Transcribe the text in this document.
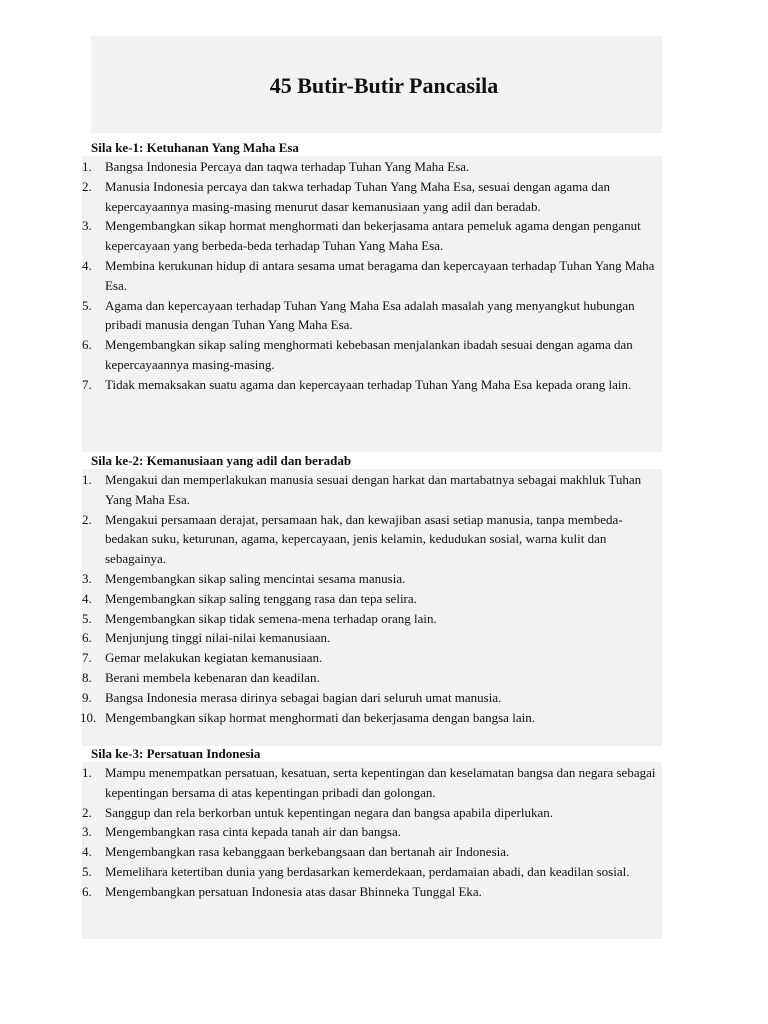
45 Butir-Butir Pancasila
Sila ke-1: Ketuhanan Yang Maha Esa
1.	Bangsa Indonesia Percaya dan taqwa terhadap Tuhan Yang Maha Esa.
2.	Manusia Indonesia percaya dan takwa terhadap Tuhan Yang Maha Esa, sesuai dengan agama dan kepercayaannya masing-masing menurut dasar kemanusiaan yang adil dan beradab.
3.	Mengembangkan sikap hormat menghormati dan bekerjasama antara pemeluk agama dengan penganut kepercayaan yang berbeda-beda terhadap Tuhan Yang Maha Esa.
4.	Membina kerukunan hidup di antara sesama umat beragama dan kepercayaan terhadap Tuhan Yang Maha Esa.
5.	Agama dan kepercayaan terhadap Tuhan Yang Maha Esa adalah masalah yang menyangkut hubungan pribadi manusia dengan Tuhan Yang Maha Esa.
6.	Mengembangkan sikap saling menghormati kebebasan menjalankan ibadah sesuai dengan agama dan kepercayaannya masing-masing.
7.	Tidak memaksakan suatu agama dan kepercayaan terhadap Tuhan Yang Maha Esa kepada orang lain.
Sila ke-2: Kemanusiaan yang adil dan beradab
1.	Mengakui dan memperlakukan manusia sesuai dengan harkat dan martabatnya sebagai makhluk Tuhan Yang Maha Esa.
2.	Mengakui persamaan derajat, persamaan hak, dan kewajiban asasi setiap manusia, tanpa membeda-bedakan suku, keturunan, agama, kepercayaan, jenis kelamin, kedudukan sosial, warna kulit dan sebagainya.
3.	Mengembangkan sikap saling mencintai sesama manusia.
4.	Mengembangkan sikap saling tenggang rasa dan tepa selira.
5.	Mengembangkan sikap tidak semena-mena terhadap orang lain.
6.	Menjunjung tinggi nilai-nilai kemanusiaan.
7.	Gemar melakukan kegiatan kemanusiaan.
8.	Berani membela kebenaran dan keadilan.
9.	Bangsa Indonesia merasa dirinya sebagai bagian dari seluruh umat manusia.
10. Mengembangkan sikap hormat menghormati dan bekerjasama dengan bangsa lain.
Sila ke-3: Persatuan Indonesia
1.	Mampu menempatkan persatuan, kesatuan, serta kepentingan dan keselamatan bangsa dan negara sebagai kepentingan bersama di atas kepentingan pribadi dan golongan.
2.	Sanggup dan rela berkorban untuk kepentingan negara dan bangsa apabila diperlukan.
3.	Mengembangkan rasa cinta kepada tanah air dan bangsa.
4.	Mengembangkan rasa kebanggaan berkebangsaan dan bertanah air Indonesia.
5.	Memelihara ketertiban dunia yang berdasarkan kemerdekaan, perdamaian abadi, dan keadilan sosial.
6.	Mengembangkan persatuan Indonesia atas dasar Bhinneka Tunggal Eka.
